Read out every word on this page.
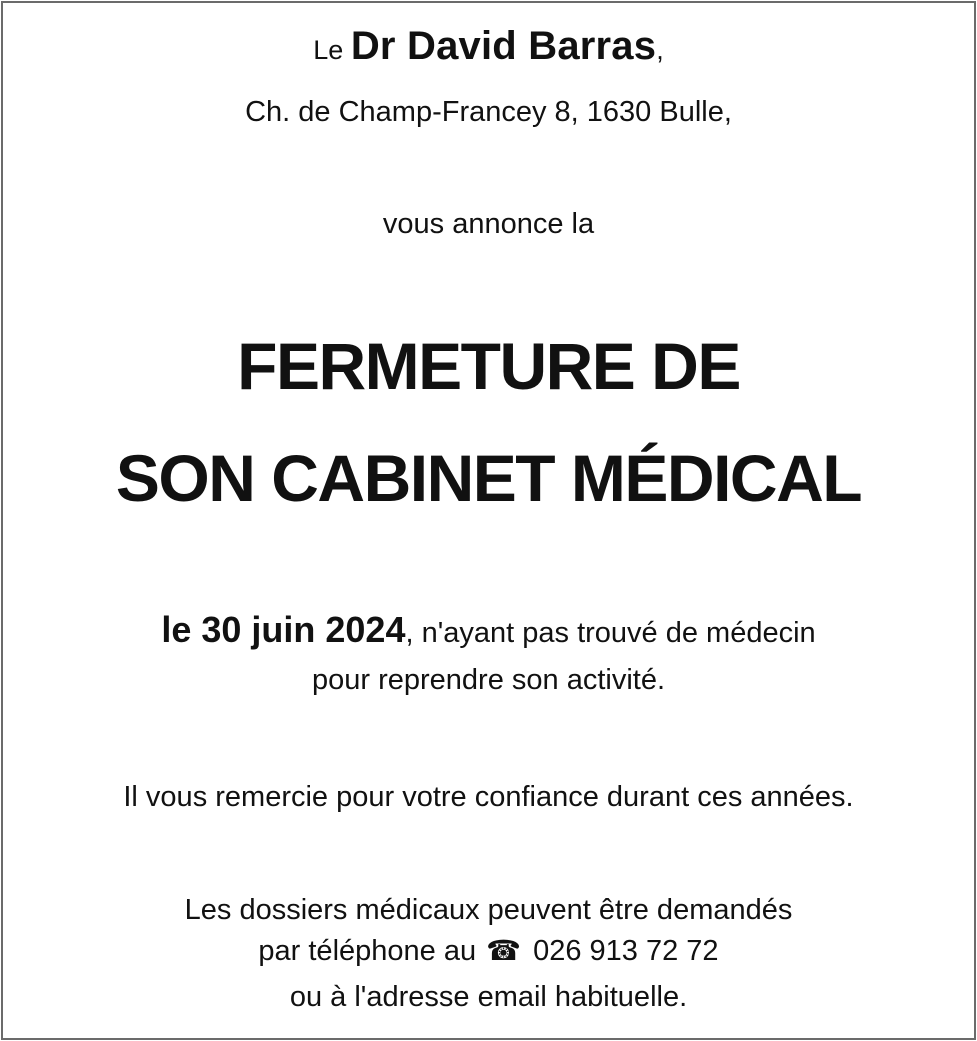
Le Dr David Barras,
Ch. de Champ-Francey 8, 1630 Bulle,
vous annonce la
FERMETURE DE
SON CABINET MÉDICAL
le 30 juin 2024, n'ayant pas trouvé de médecin
pour reprendre son activité.
Il vous remercie pour votre confiance durant ces années.
Les dossiers médicaux peuvent être demandés
par téléphone au ☎ 026 913 72 72
ou à l'adresse email habituelle.
